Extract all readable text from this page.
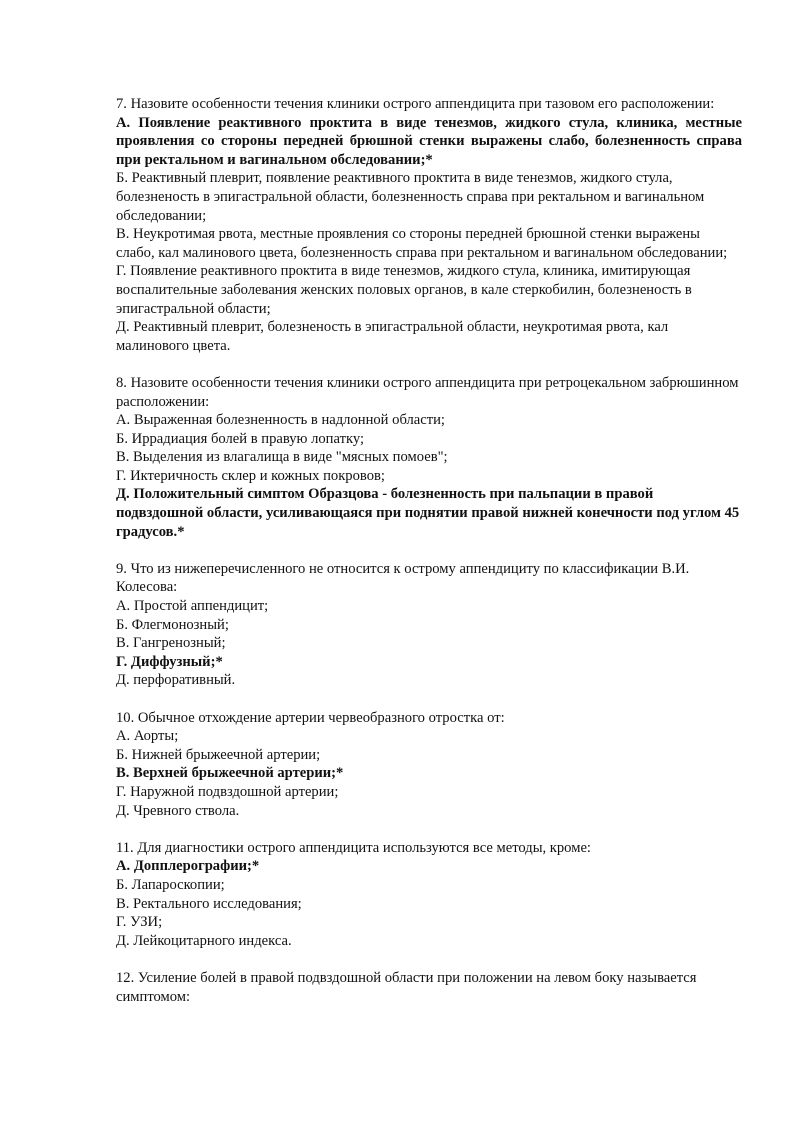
7. Назовите особенности течения клиники острого аппендицита при тазовом его расположении:
А. Появление реактивного проктита в виде тенезмов, жидкого стула, клиника, местные проявления со стороны передней брюшной стенки выражены слабо, болезненность справа при ректальном и вагинальном обследовании;*
Б. Реактивный плеврит, появление реактивного проктита в виде тенезмов, жидкого стула, болезненость в эпигастральной области, болезненность справа при ректальном и вагинальном обследовании;
В. Неукротимая рвота, местные проявления со стороны передней брюшной стенки выражены слабо, кал малинового цвета, болезненность справа при ректальном и вагинальном обследовании;
Г. Появление реактивного проктита в виде тенезмов, жидкого стула, клиника, имитирующая воспалительные заболевания женских половых органов, в кале стеркобилин, болезненость в эпигастральной области;
Д. Реактивный плеврит, болезненость в эпигастральной области, неукротимая рвота, кал малинового цвета.
8. Назовите особенности течения клиники острого аппендицита при ретроцекальном забрюшинном расположении:
А. Выраженная болезненность в надлонной области;
Б. Иррадиация болей в правую лопатку;
В. Выделения из влагалища в виде "мясных помоев";
Г. Иктеричность склер и кожных покровов;
Д. Положительный симптом Образцова - болезненность при пальпации в правой подвздошной области, усиливающаяся при поднятии правой нижней конечности под углом 45 градусов.*
9. Что из нижеперечисленного не относится к острому аппендициту по классификации В.И. Колесова:
А. Простой аппендицит;
Б. Флегмонозный;
В. Гангренозный;
Г. Диффузный;*
Д. перфоративный.
10. Обычное отхождение артерии червеобразного отростка от:
А. Аорты;
Б. Нижней брыжеечной артерии;
В. Верхней брыжеечной артерии;*
Г. Наружной подвздошной артерии;
Д. Чревного ствола.
11. Для диагностики острого аппендицита используются все методы, кроме:
А. Допплерографии;*
Б. Лапароскопии;
В. Ректального исследования;
Г. УЗИ;
Д. Лейкоцитарного индекса.
12. Усиление болей в правой подвздошной области при положении на левом боку называется симптомом:
